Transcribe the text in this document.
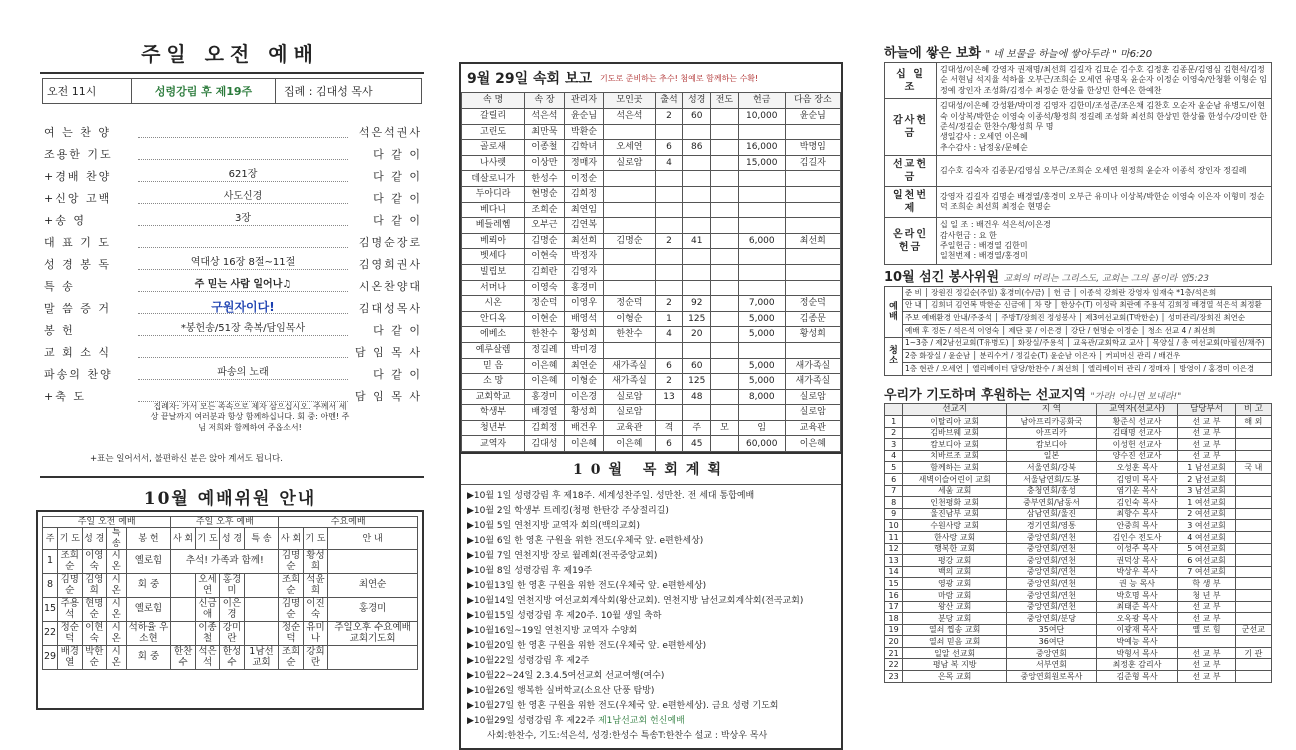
주일 오전 예배
오전 11시	성령강림 후 제19주	집례 : 김대성 목사
여 는 찬 양	석은석권사
조용한 기도	다 같 이
+경배 찬양	621장	다 같 이
+신앙 고백	사도신경	다 같 이
+송 영	3장	다 같 이
대 표 기 도	김명순장로
성 경 봉 독	역대상 16장 8절~11절	김영희권사
특 송	주 믿는 사람 일어나♫	시온찬양대
말 씀 증 거	구원자이다!	김대성목사
봉 헌	*봉헌송/51장 축복/담임목사	다 같 이
교 회 소 식	담 임 목 사
파송의 찬양	파송의 노래	다 같 이
+축 도	담 임 목 사
집례자: 가서 모든 족속으로 제자 삼으십시오. 주께서 세상 끝날까지 여러분과 항상 함께하십니다. 회 중: 아멘! 주님 저희와 함께하여 주옵소서!
+표는 일어서서, 불편하신 분은 앉아 계셔도 됩니다.
10월 예배위원 안내
주일 오전 예배					주일 오후 예배				수요예배		
주	기 도	성 경	특 송	봉 헌	사 회	기 도	성 경	특 송	사 회	기 도	안 내
1	조희순	이영숙	시온	옐로힘	추석! 가족과 함께!				김명순	황성희	
8	김명순	김영희	시온	회 중		오세연	홍경미		조희순	석윤희	최연순
15	주용석	현명순	시온	옐로힘		신금애	이은경		김명순	이진숙	홍경미
22	정순덕	이현숙	시온	석하율 우소현		이종철	강미란		정순덕	유미나	주일오후 수요예배 교회기도회
29	배경열	박한순	시온	회 중	한찬수	석은석	한성수	1남선교회	조희순	강희란	
9월 29일 속회 보고 기도로 준비하는 추수! 첨예로 함께하는 수확!
속 명	속 장	관리자	모인곳	출석	성경	전도	헌금	다음 장소
갈릴리	석은석	윤순님	석은석	2	60		10,000	윤순님
고린도	최만묵	박환순						
골로새	이종철	김학녀	오세연	6	86		16,000	박명임
나사렛	이상만	정매자	실로암	4			15,000	김길자
데살로니가	한성수	이정순						
두아디라	현명순	김희정						
베다니	조희순	최연임						
베들레헴	오부근	김연복						
베뢰아	김명순	최선희	김명순	2	41		6,000	최선희
벳세다	이현숙	박정자						
빌립보	김희란	김영자						
서머나	이영숙	홍경미						
시온	정순덕	이영우	정순덕	2	92		7,000	정순덕
안디옥	이현순	배영석	이형순	1	125		5,000	김종문
에베소	한찬수	황성희	한찬수	4	20		5,000	황성희
예루살렘	정길례	박미경						
믿 음	이은혜	최연순	새가족실	6	60		5,000	새가족실
소 망	이은혜	이형순	새가족실	2	125		5,000	새가족실
교회학교	홍경미	이은경	실로암	13	48		8,000	실로암
학생부	배경열	황성희	실로암					실로암
청년부	김희정	배건우	교육관	격	주	모	임	교육관
교역자	김대성	이은혜	이은혜	6	45		60,000	이은혜
10월 목회계획
▶10월 1일 성령강림 후 제18주. 세계성찬주일. 성만찬. 전 세대 통합예배
▶10월 2일 학생부 트레킹(청평 한탄강 주상절리길)
▶10월 5일 연천지방 교역자 회의(백의교회)
▶10월 6일 한 영혼 구원을 위한 전도(우체국 앞. e편한세상)
▶10월 7일 연천지방 장로 월례회(전곡중앙교회)
▶10월 8일 성령강림 후 제19주
▶10월13일 한 영혼 구원을 위한 전도(우체국 앞. e편한세상)
▶10월14일 연천지방 여선교회계삭회(왕산교회). 연천지방 남선교회계삭회(전곡교회)
▶10월15일 성령강림 후 제20주. 10월 생일 축하
▶10월16일~19일 연천지방 교역자 수양회
▶10월20일 한 영혼 구원을 위한 전도(우체국 앞. e편한세상)
▶10월22일 성령강림 후 제2주
▶10월22~24일 2.3.4.5여선교회 선교여행(여수)
▶10월26일 행복한 실버학교(소요산 단풍 탐방)
▶10월27일 한 영혼 구원을 위한 전도(우체국 앞. e편한세상). 금요 성령 기도회
▶10월29일 성령강림 후 제22주 제1남선교회 헌신예배
사회:한찬수, 기도:석은석, 성경:한성수 특송T:한찬수 설교 : 박상우 목사
하늘에 쌓은 보화 " 네 보물을 하늘에 쌓아두라 " 마6:20
십 일 조	김대성/이은혜 강영자 권재명/최선희 김길자 김묘순 김수호 김정훈 김종문/김영심 김현석/김정순 서현님 석지율 석하율 오부근/조희순 오세연 유명옥 윤순자 이정순 이영숙/안청환 이형순 임정예 장인자 조성화/김정수 최정순 한상률 한상민 한예은 한예찬

감사헌금	김대성/이은혜 강성환/박미경 김영자 김한미/조성준/조은채 김찬호 오순자 윤순남 유병도/이현숙 이상복/박한순 이영숙 이종석/황정희 정길례 조성화 최선희 한상민 한상률 한성수/강미란 한준석/정길순 한찬수/황성희 무 명
생일감사 : 오세연 이은혜
추수감사 : 남정웅/문혜순

선교헌금	김수호 김숙자 김종문/김영심 오부근/조희순 오세연 원정희 윤순자 이종석 장인자 정길례

일천번제	강영자 김길자 김명순 배경열/홍경미 오부근 유미나 이상복/박한순 이영숙 이은자 이형미 정순덕 조희순 최선희 최정순 현명순

온라인헌금	십 일 조 : 배건우 석은석/이은경
감사헌금 : 요 한
주일헌금 : 배경열 김한미
일천번제 : 배경열/홍경미
10월 섬긴 봉사위원 교회의 머리는 그리스도, 교회는 그의 몸이라 엡5:23
예배	준 비 │ 장원진 정길순(주일) 홍경미(수/금) │ 헌 금 │ 이종석 강희란 강영자 임재숙 *1층/석은희
	안 내 │ 김희녀 김연복 박한순 신금애 │ 차 량 │ 한상수(T) 이성락 최란예 주용석 김희정 배경열 석은석 최정환
	주보 예배환경 안내/주중석 │ 주방T/장희진 정성봉사 │ 제3여선교회(T박한순) │ 성미관리/장희진 최연순
	예배 후 정돈 / 석은석 이영숙 │ 제단 꽃 / 이은경 │ 강단 / 현명순 이정순 │ 청소 선교 4 / 최선희
청소	1~3층 / 제2남선교회(T유병도) │ 화장실/주용석 │ 교육관/교회학교 교사 │ 목양실 / 총 여선교회(마필선/채주)
	2층 화장실 / 윤순남 │ 분리수거 / 정길순(T) 윤순남 이은자 │ 커피머신 관리 / 배건우
	1층 현관 / 오세연 │ 엘리베이터 담당/한찬수 / 최선희 │ 엘리베이터 관리 / 정매자 │ 방영이 / 홍경미 이은경
우리가 기도하며 후원하는 선교지역 "가라! 아니면 보내라!"
	선교지	지 역	교역자(선교사)	담당부서	비 고
1	이탈리아 교회	남아프리카공화국	황준식 선교사	선 교 부	해 외
2	김바브웨 교회	아프리카	김태명 선교사	선 교 부	
3	캄보디아 교회	캄보디아	이성헌 선교사	선 교 부	
4	치바르조 교회	일본	양수진 선교사	선 교 부	
5	함께하는 교회	서울연회/강북	오성훈 목사	1 남선교회	국 내
6	새벽이슬어린이 교회	서울남연회/도봉	김영미 목사	2 남선교회	
7	세움 교회	충청연회/홍성	염기운 목사	3 남선교회	
8	인천평화 교회	중부연회/남동서	김인숙 목사	1 여선교회	
9	울진남부 교회	삼남연회/울진	최향수 목사	2 여선교회	
10	수원사랑 교회	경기연회/영통	안중희 목사	3 여선교회	
11	한사랑 교회	중앙연회/연천	김인수 전도사	4 여선교회	
12	행복한 교회	중앙연회/연천	이성주 목사	5 여선교회	
13	평강 교회	중앙연회/연천	권덕상 목사	6 여선교회	
14	백의 교회	중앙연회/연천	박상우 목사	7 여선교회	
15	영광 교회	중앙연회/연천	권 능 목사	학 생 부	
16	마람 교회	중앙연회/연천	박호명 목사	청 년 부	
17	왕산 교회	중앙연회/연천	최태준 목사	선 교 부	
18	분당 교회	중앙연회/분당	오옥광 목사	선 교 부	
19	열쇠 찝송 교회	35여단	이광재 목사	옐 로 힘	군선교
20	열쇠 믿음 교회	36여단	박예능 목사		
21	일알 선교회	중앙연회	박형서 목사	선 교 부	기 관
22	평남 복 지방	서부연회	최정훈 감리사	선 교 부	
23	은목 교회	중앙연회원로목사	김준형 목사	선 교 부	
